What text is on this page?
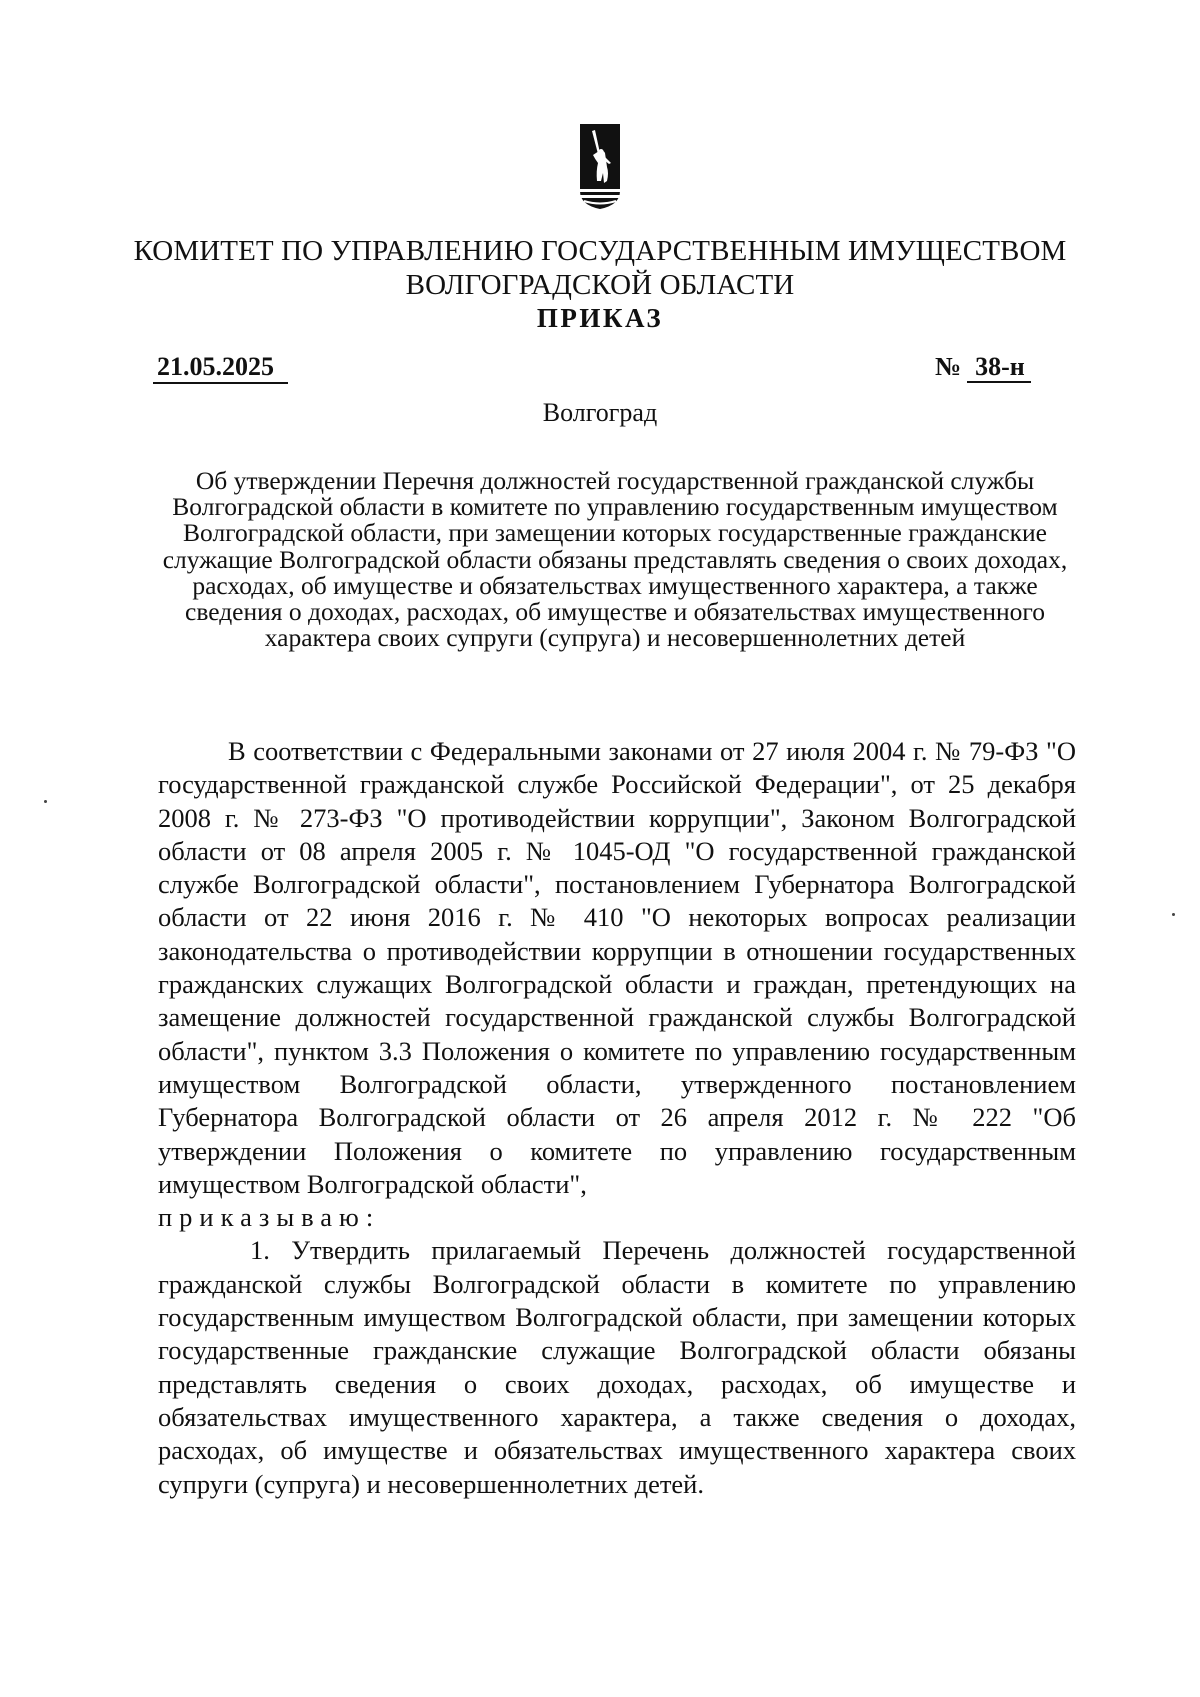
КОМИТЕТ ПО УПРАВЛЕНИЮ ГОСУДАРСТВЕННЫМ ИМУЩЕСТВОМ
ВОЛГОГРАДСКОЙ ОБЛАСТИ
ПРИКАЗ
21.05.2025	№ 38-н
Волгоград
Об утверждении Перечня должностей государственной гражданской службы Волгоградской области в комитете по управлению государственным имуществом Волгоградской области, при замещении которых государственные гражданские служащие Волгоградской области обязаны представлять сведения о своих доходах, расходах, об имуществе и обязательствах имущественного характера, а также сведения о доходах, расходах, об имуществе и обязательствах имущественного характера своих супруги (супруга) и несовершеннолетних детей

В соответствии с Федеральными законами от 27 июля 2004 г. № 79-ФЗ "О государственной гражданской службе Российской Федерации", от 25 декабря 2008 г. № 273-ФЗ "О противодействии коррупции", Законом Волгоградской области от 08 апреля 2005 г. № 1045-ОД "О государственной гражданской службе Волгоградской области", постановлением Губернатора Волгоградской области от 22 июня 2016 г. № 410 "О некоторых вопросах реализации законодательства о противодействии коррупции в отношении государственных гражданских служащих Волгоградской области и граждан, претендующих на замещение должностей государственной гражданской службы Волгоградской области", пунктом 3.3 Положения о комитете по управлению государственным имуществом Волгоградской области, утвержденного постановлением Губернатора Волгоградской области от 26 апреля 2012 г. № 222 "Об утверждении Положения о комитете по управлению государственным имуществом Волгоградской области",

приказываю:

1. Утвердить прилагаемый Перечень должностей государственной гражданской службы Волгоградской области в комитете по управлению государственным имуществом Волгоградской области, при замещении которых государственные гражданские служащие Волгоградской области обязаны представлять сведения о своих доходах, расходах, об имуществе и обязательствах имущественного характера, а также сведения о доходах, расходах, об имуществе и обязательствах имущественного характера своих супруги (супруга) и несовершеннолетних детей.
